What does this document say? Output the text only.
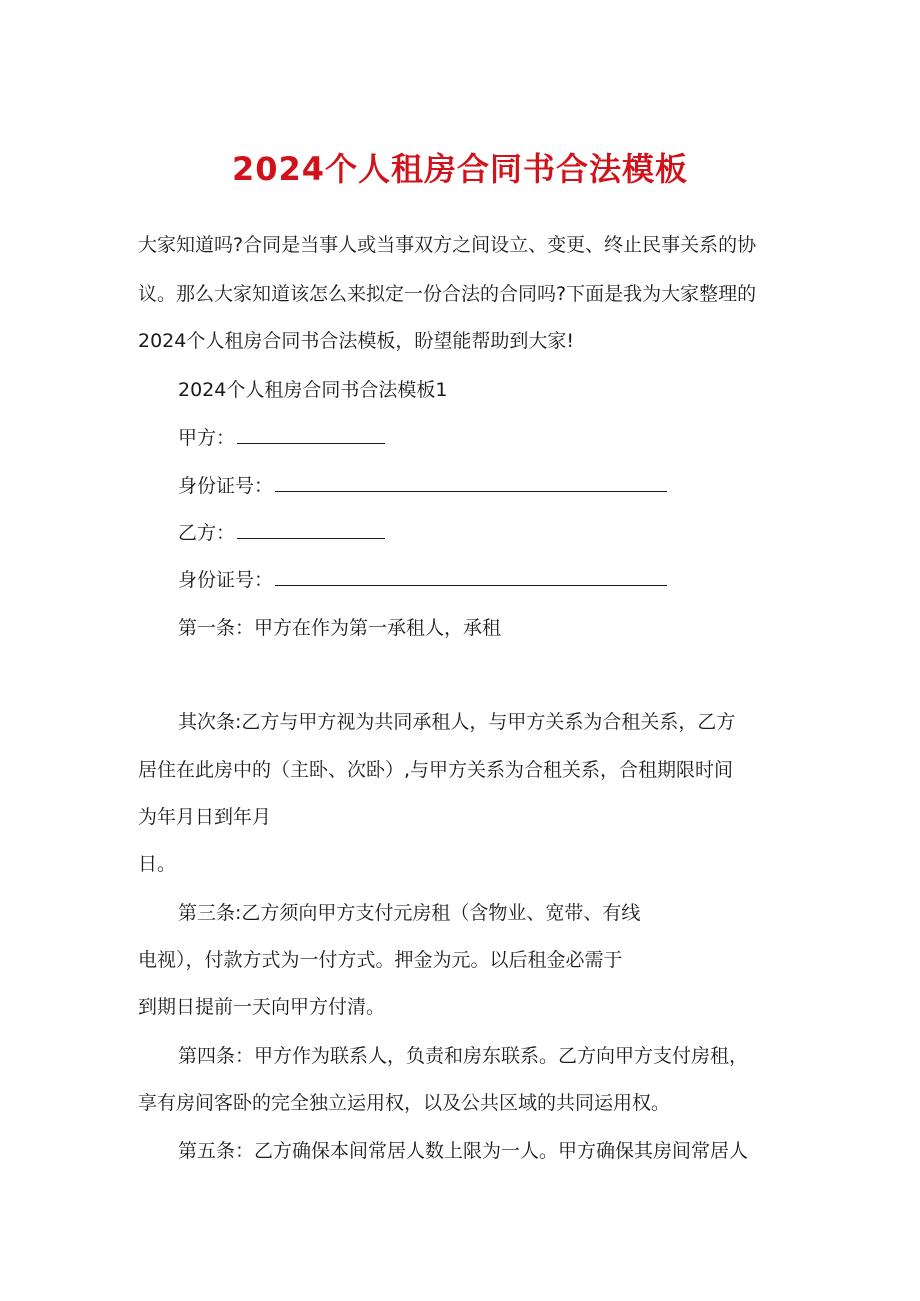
2024个人租房合同书合法模板
大家知道吗?合同是当事人或当事双方之间设立、变更、终止民事关系的协
议。那么大家知道该怎么来拟定一份合法的合同吗?下面是我为大家整理的
2024个人租房合同书合法模板，盼望能帮助到大家!
2024个人租房合同书合法模板1
甲方：
身份证号：
乙方：
身份证号：
第一条：甲方在作为第一承租人，承租
其次条:乙方与甲方视为共同承租人，与甲方关系为合租关系，乙方
居住在此房中的（主卧、次卧）,与甲方关系为合租关系，合租期限时间
为年月日到年月
日。
第三条:乙方须向甲方支付元房租（含物业、宽带、有线
电视），付款方式为一付方式。押金为元。以后租金必需于
到期日提前一天向甲方付清。
第四条：甲方作为联系人，负责和房东联系。乙方向甲方支付房租，
享有房间客卧的完全独立运用权，以及公共区域的共同运用权。
第五条：乙方确保本间常居人数上限为一人。甲方确保其房间常居人
